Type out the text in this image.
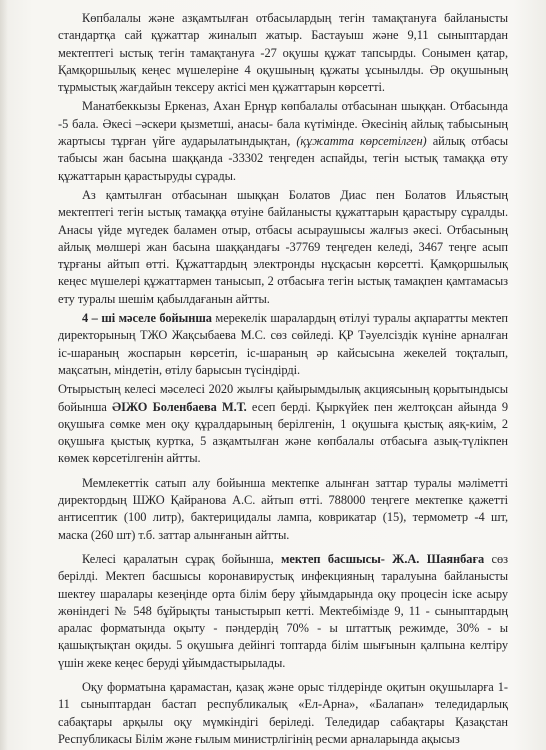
Көпбалалы және азқамтылған отбасылардың тегін тамақтануға байланысты стандартқа сай құжаттар жиналып жатыр. Бастауыш және 9,11 сыныптардан мектептегі ыстық тегін тамақтануға -27 оқушы құжат тапсырды. Сонымен қатар, Қамқоршылық кеңес мүшелеріне 4 оқушының құжаты ұсынылды. Әр оқушының тұрмыстық жағдайын тексеру актісі мен құжаттарын көрсетті.

Манатбеккызы Еркеназ, Ахан Ернұр көпбалалы отбасынан шыққан. Отбасында -5 бала. Әкесі –әскери қызметші, анасы- бала күтімінде. Әкесінің айлық табысының жартысы тұрған үйге аударылатындықтан, (құжатта көрсетілген) айлық отбасы табысы жан басына шаққанда -33302 теңгеден аспайды, тегін ыстық тамаққа өту құжаттарын қарастыруды сұрады.

Аз қамтылған отбасынан шыққан Болатов Диас пен Болатов Ильястың мектептегі тегін ыстық тамаққа өтуіне байланысты құжаттарын қарастыру сұралды. Анасы үйде мүгедек баламен отыр, отбасы асыраушысы жалғыз әкесі. Отбасының айлық мөлшері жан басына шаққандағы -37769 теңгеден келеді, 3467 теңге асып тұрғаны айтып өтті. Құжаттардың электронды нұсқасын көрсетті. Қамқоршылық кеңес мүшелері құжаттармен танысып, 2 отбасыға тегін ыстық тамақпен қамтамасыз ету туралы шешім қабылдағанын айтты.

4 – ші мәселе бойынша мерекелік шаралардың өтілуі туралы ақпаратты мектеп директорының ТЖО Жақсыбаева М.С. сөз сөйледі. ҚР Тәуелсіздік күніне арналған іс-шараның жоспарын көрсетіп, іс-шараның әр кайсысына жекелей тоқталып, мақсатын, міндетін, өтілу барысын түсіндірді.

Отырыстың келесі мәселесі 2020 жылғы қайырымдылық акциясының қорытындысы бойынша ӘІЖО Боленбаева М.Т. есеп берді. Қыркүйек пен желтоқсан айында 9 оқушыға сөмке мен оқу құралдарының берілгенін, 1 оқушыға қыстық аяқ-киім, 2 оқушыға қыстық куртка, 5 азқамтылған және көпбалалы отбасыға азық-түлікпен көмек көрсетілгенін айтты.

Мемлекеттік сатып алу бойынша мектепке алынған заттар туралы мәліметті директордың ШЖО Қайранова А.С. айтып өтті. 788000 теңгеге мектепке қажетті антисептик (100 литр), бактерицидалы лампа, коврикатар (15), термометр -4 шт, маска (260 шт) т.б. заттар алынғанын айтты.

Келесі қаралатын сұрақ бойынша, мектеп басшысы- Ж.А. Шаянбаға сөз берілді. Мектеп басшысы коронавирустық инфекцияның таралуына байланысты шектеу шаралары кезеңінде орта білім беру ұйымдарында оқу процесін іске асыру жөніндегі № 548 бұйрықты таныстырып кетті. Мектебімізде 9, 11 - сыныптардың аралас форматында оқыту - пәндердің 70% - ы штаттық режимде, 30% - ы қашықтықтан оқиды. 5 оқушыға дейінгі топтарда білім шығынын қалпына келтіру үшін жеке кеңес беруді ұйымдастырылады.

Оқу форматына қарамастан, қазақ және орыс тілдерінде оқитын оқушыларға 1-11 сыныптардан бастап республикалық «Ел-Арна», «Балапан» теледидарлық сабақтары арқылы оқу мүмкіндігі беріледі. Теледидар сабақтары Қазақстан Республикасы Білім және ғылым министрлігінің ресми арналарында ақысыз
